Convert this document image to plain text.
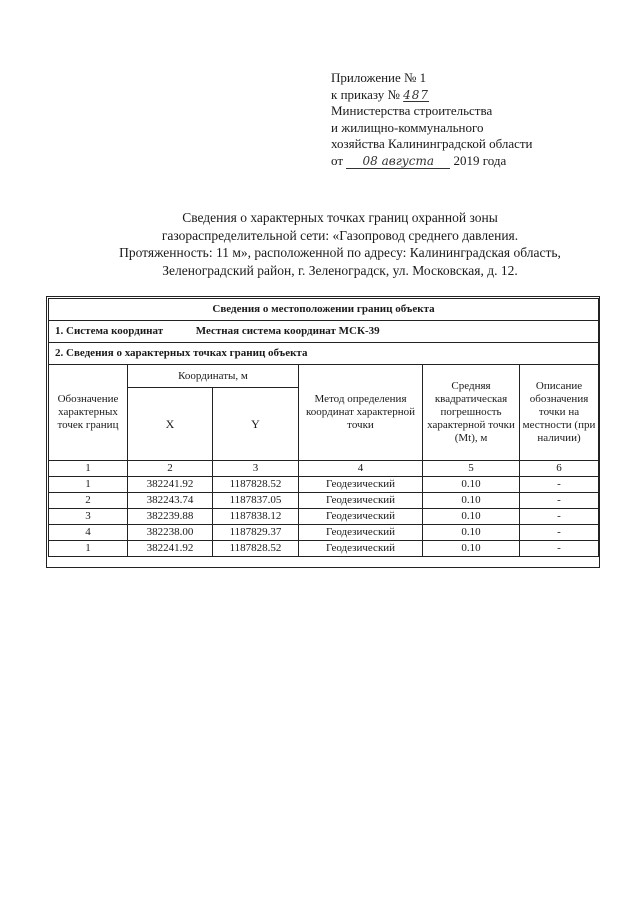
Приложение № 1
к приказу № 487
Министерства строительства
и жилищно-коммунального
хозяйства Калининградской области
от 08 августа 2019 года
Сведения о характерных точках границ охранной зоны
газораспределительной сети: «Газопровод среднего давления.
Протяженность: 11 м», расположенной по адресу: Калининградская область,
Зеленоградский район, г. Зеленоградск, ул. Московская, д. 12.
Сведения о местоположении границ объекта					
1. Система координат Местная система координат МСК-39					
2. Сведения о характерных точках границ объекта					
Обозначение характерных точек границ	Координаты, м		Метод определения координат характерной точки	Средняя квадратическая погрешность характерной точки (Mt), м	Описание обозначения точки на местности (при наличии)
	X	Y			
1	2	3	4	5	6
1	382241.92	1187828.52	Геодезический	0.10	-
2	382243.74	1187837.05	Геодезический	0.10	-
3	382239.88	1187838.12	Геодезический	0.10	-
4	382238.00	1187829.37	Геодезический	0.10	-
1	382241.92	1187828.52	Геодезический	0.10	-
